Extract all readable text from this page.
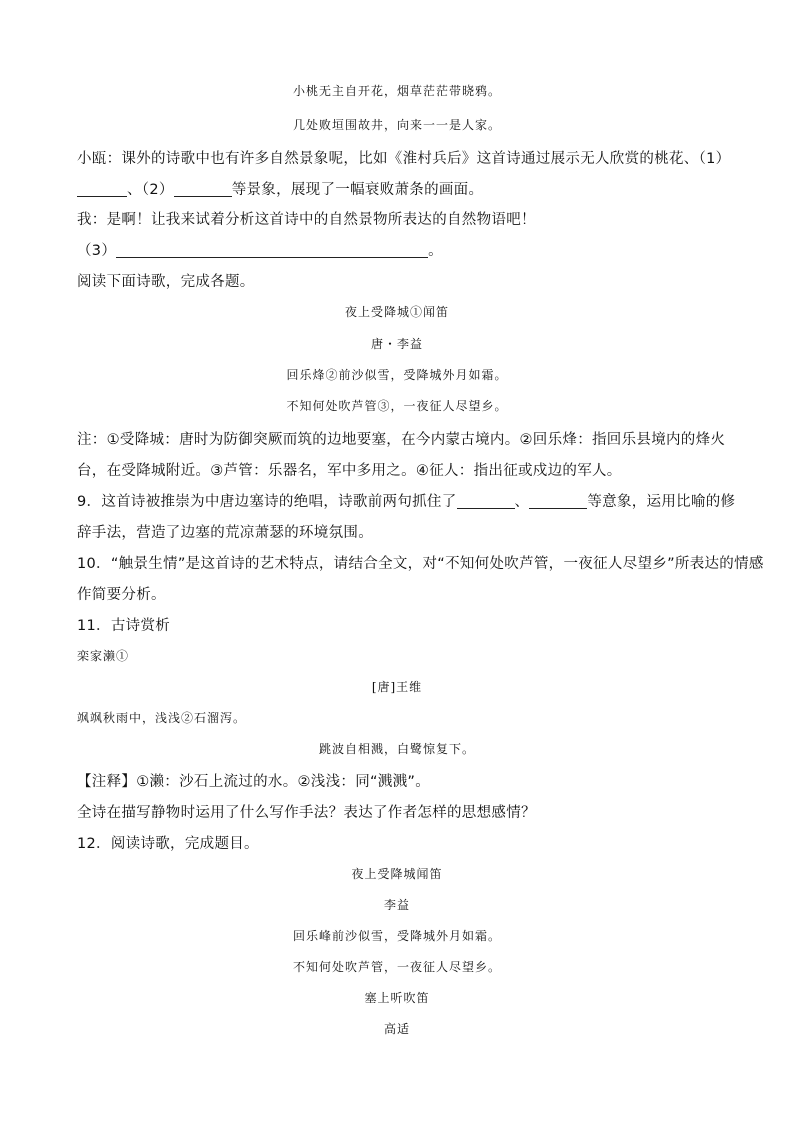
小桃无主自开花，烟草茫茫带晓鸦。
几处败垣围故井，向来一一是人家。
小瓯：课外的诗歌中也有许多自然景象呢，比如《淮村兵后》这首诗通过展示无人欣赏的桃花、（1）
、（2）	等景象，展现了一幅衰败萧条的画面。
我：是啊！让我来试着分析这首诗中的自然景物所表达的自然物语吧！
（3）	。
阅读下面诗歌，完成各题。
夜上受降城①闻笛
唐・李益
回乐烽②前沙似雪，受降城外月如霜。
不知何处吹芦管③，一夜征人尽望乡。
注：①受降城：唐时为防御突厥而筑的边地要塞，在今内蒙古境内。②回乐烽：指回乐县境内的烽火
台，在受降城附近。③芦管：乐器名，军中多用之。④征人：指出征或戍边的军人。
9．这首诗被推崇为中唐边塞诗的绝唱，诗歌前两句抓住了	、	等意象，运用比喻的修
辞手法，营造了边塞的荒凉萧瑟的环境氛围。
10．“触景生情”是这首诗的艺术特点，请结合全文，对“不知何处吹芦管，一夜征人尽望乡”所表达的情感
作简要分析。
11．古诗赏析
栾家濑①
[唐]王维
飒飒秋雨中，浅浅②石溜泻。
跳波自相溅，白鹭惊复下。
【注释】①濑：沙石上流过的水。②浅浅：同“溅溅”。
全诗在描写静物时运用了什么写作手法？表达了作者怎样的思想感情？
12．阅读诗歌，完成题目。
夜上受降城闻笛
李益
回乐峰前沙似雪，受降城外月如霜。
不知何处吹芦管，一夜征人尽望乡。
塞上听吹笛
高适
